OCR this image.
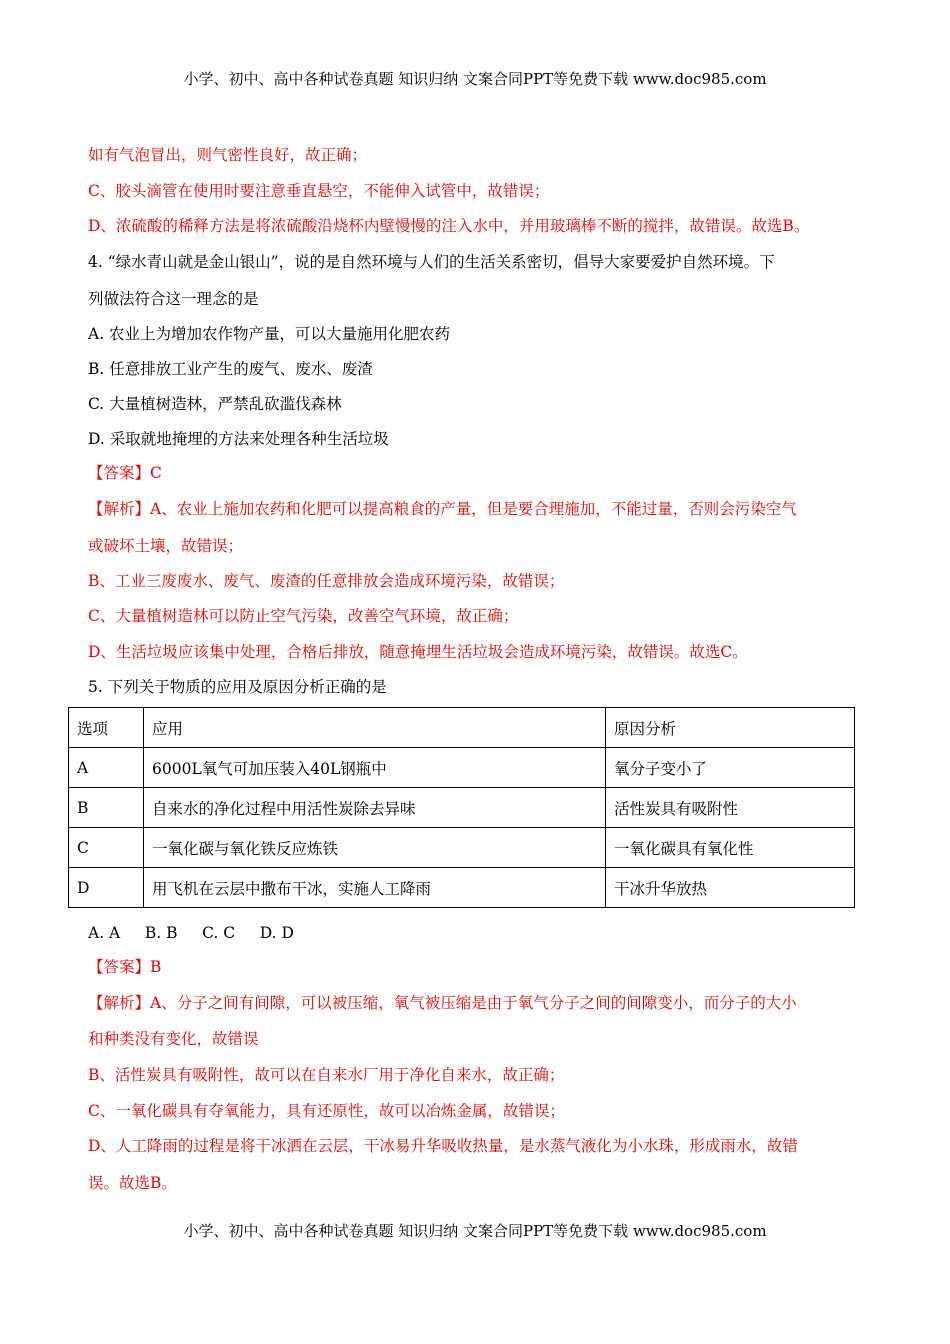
小学、初中、高中各种试卷真题 知识归纳 文案合同PPT等免费下载 www.doc985.com
如有气泡冒出，则气密性良好，故正确；
C、胶头滴管在使用时要注意垂直悬空，不能伸入试管中，故错误；
D、浓硫酸的稀释方法是将浓硫酸沿烧杯内壁慢慢的注入水中，并用玻璃棒不断的搅拌，故错误。故选B。
4. “绿水青山就是金山银山”，说的是自然环境与人们的生活关系密切，倡导大家要爱护自然环境。下
列做法符合这一理念的是
A. 农业上为增加农作物产量，可以大量施用化肥农药
B. 任意排放工业产生的废气、废水、废渣
C. 大量植树造林，严禁乱砍滥伐森林
D. 采取就地掩埋的方法来处理各种生活垃圾
【答案】C
【解析】A、农业上施加农药和化肥可以提高粮食的产量，但是要合理施加，不能过量，否则会污染空气
或破坏土壤，故错误；
B、工业三废废水、废气、废渣的任意排放会造成环境污染，故错误；
C、大量植树造林可以防止空气污染，改善空气环境，故正确；
D、生活垃圾应该集中处理，合格后排放，随意掩埋生活垃圾会造成环境污染，故错误。故选C。
5. 下列关于物质的应用及原因分析正确的是
选项	应用	原因分析
A	6000L氧气可加压装入40L钢瓶中	氧分子变小了
B	自来水的净化过程中用活性炭除去异味	活性炭具有吸附性
C	一氧化碳与氧化铁反应炼铁	一氧化碳具有氧化性
D	用飞机在云层中撒布干冰，实施人工降雨	干冰升华放热
A. A     B. B     C. C     D. D
【答案】B
【解析】A、分子之间有间隙，可以被压缩，氧气被压缩是由于氧气分子之间的间隙变小，而分子的大小
和种类没有变化，故错误
B、活性炭具有吸附性，故可以在自来水厂用于净化自来水，故正确；
C、一氧化碳具有夺氧能力，具有还原性，故可以冶炼金属，故错误；
D、人工降雨的过程是将干冰洒在云层，干冰易升华吸收热量，是水蒸气液化为小水珠，形成雨水，故错
误。故选B。
小学、初中、高中各种试卷真题 知识归纳 文案合同PPT等免费下载 www.doc985.com
